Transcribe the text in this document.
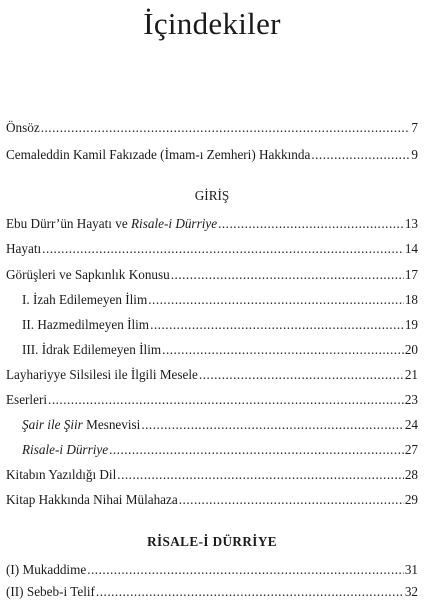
İçindekiler
Önsöz .....	7
Cemaleddin Kamil Fakızade (İmam-ı Zemheri) Hakkında .....	9
GİRİŞ
Ebu Dürr’ün Hayatı ve Risale-i Dürriye .....	13
Hayatı .....	14
Görüşleri ve Sapkınlık Konusu .....	17
I. İzah Edilemeyen İlim .....	18
II. Hazmedilmeyen İlim .....	19
III. İdrak Edilemeyen İlim .....	20
Layhariyye Silsilesi ile İlgili Mesele .....	21
Eserleri .....	23
Şair ile Şiir Mesnevisi .....	24
Risale-i Dürriye .....	27
Kitabın Yazıldığı Dil .....	28
Kitap Hakkında Nihai Mülahaza .....	29
RİSALE-İ DÜRRİYE
(I) Mukaddime .....	31
(II) Sebeb-i Telif .....	32
